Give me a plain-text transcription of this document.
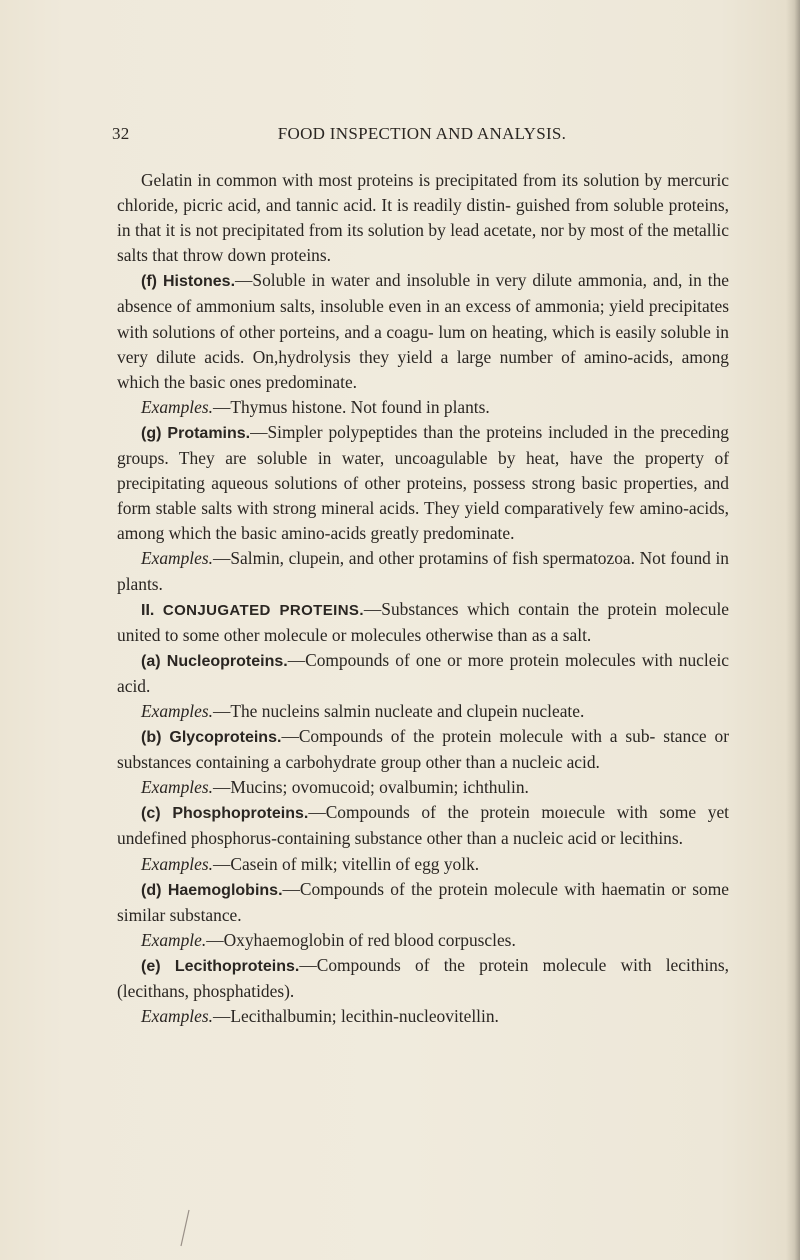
32	FOOD INSPECTION AND ANALYSIS.

Gelatin in common with most proteins is precipitated from its solution by mercuric chloride, picric acid, and tannic acid. It is readily distin- guished from soluble proteins, in that it is not precipitated from its solution by lead acetate, nor by most of the metallic salts that throw down proteins.

(f) Histones.—Soluble in water and insoluble in very dilute ammonia, and, in the absence of ammonium salts, insoluble even in an excess of ammonia; yield precipitates with solutions of other porteins, and a coagu- lum on heating, which is easily soluble in very dilute acids. On,hydrolysis they yield a large number of amino-acids, among which the basic ones predominate.

Examples.—Thymus histone. Not found in plants.

(g) Protamins.—Simpler polypeptides than the proteins included in the preceding groups. They are soluble in water, uncoagulable by heat, have the property of precipitating aqueous solutions of other proteins, possess strong basic properties, and form stable salts with strong mineral acids. They yield comparatively few amino-acids, among which the basic amino-acids greatly predominate.

Examples.—Salmin, clupein, and other protamins of fish spermatozoa. Not found in plants.

II. CONJUGATED PROTEINS.—Substances which contain the protein molecule united to some other molecule or molecules otherwise than as a salt.

(a) Nucleoproteins.—Compounds of one or more protein molecules with nucleic acid.

Examples.—The nucleins salmin nucleate and clupein nucleate.

(b) Glycoproteins.—Compounds of the protein molecule with a sub- stance or substances containing a carbohydrate group other than a nucleic acid.

Examples.—Mucins; ovomucoid; ovalbumin; ichthulin.

(c) Phosphoproteins.—Compounds of the protein moıecule with some yet undefined phosphorus-containing substance other than a nucleic acid or lecithins.

Examples.—Casein of milk; vitellin of egg yolk.

(d) Haemoglobins.—Compounds of the protein molecule with haematin or some similar substance.

Example.—Oxyhaemoglobin of red blood corpuscles.

(e) Lecithoproteins.—Compounds of the protein molecule with lecithins, (lecithans, phosphatides).

Examples.—Lecithalbumin; lecithin-nucleovitellin.
